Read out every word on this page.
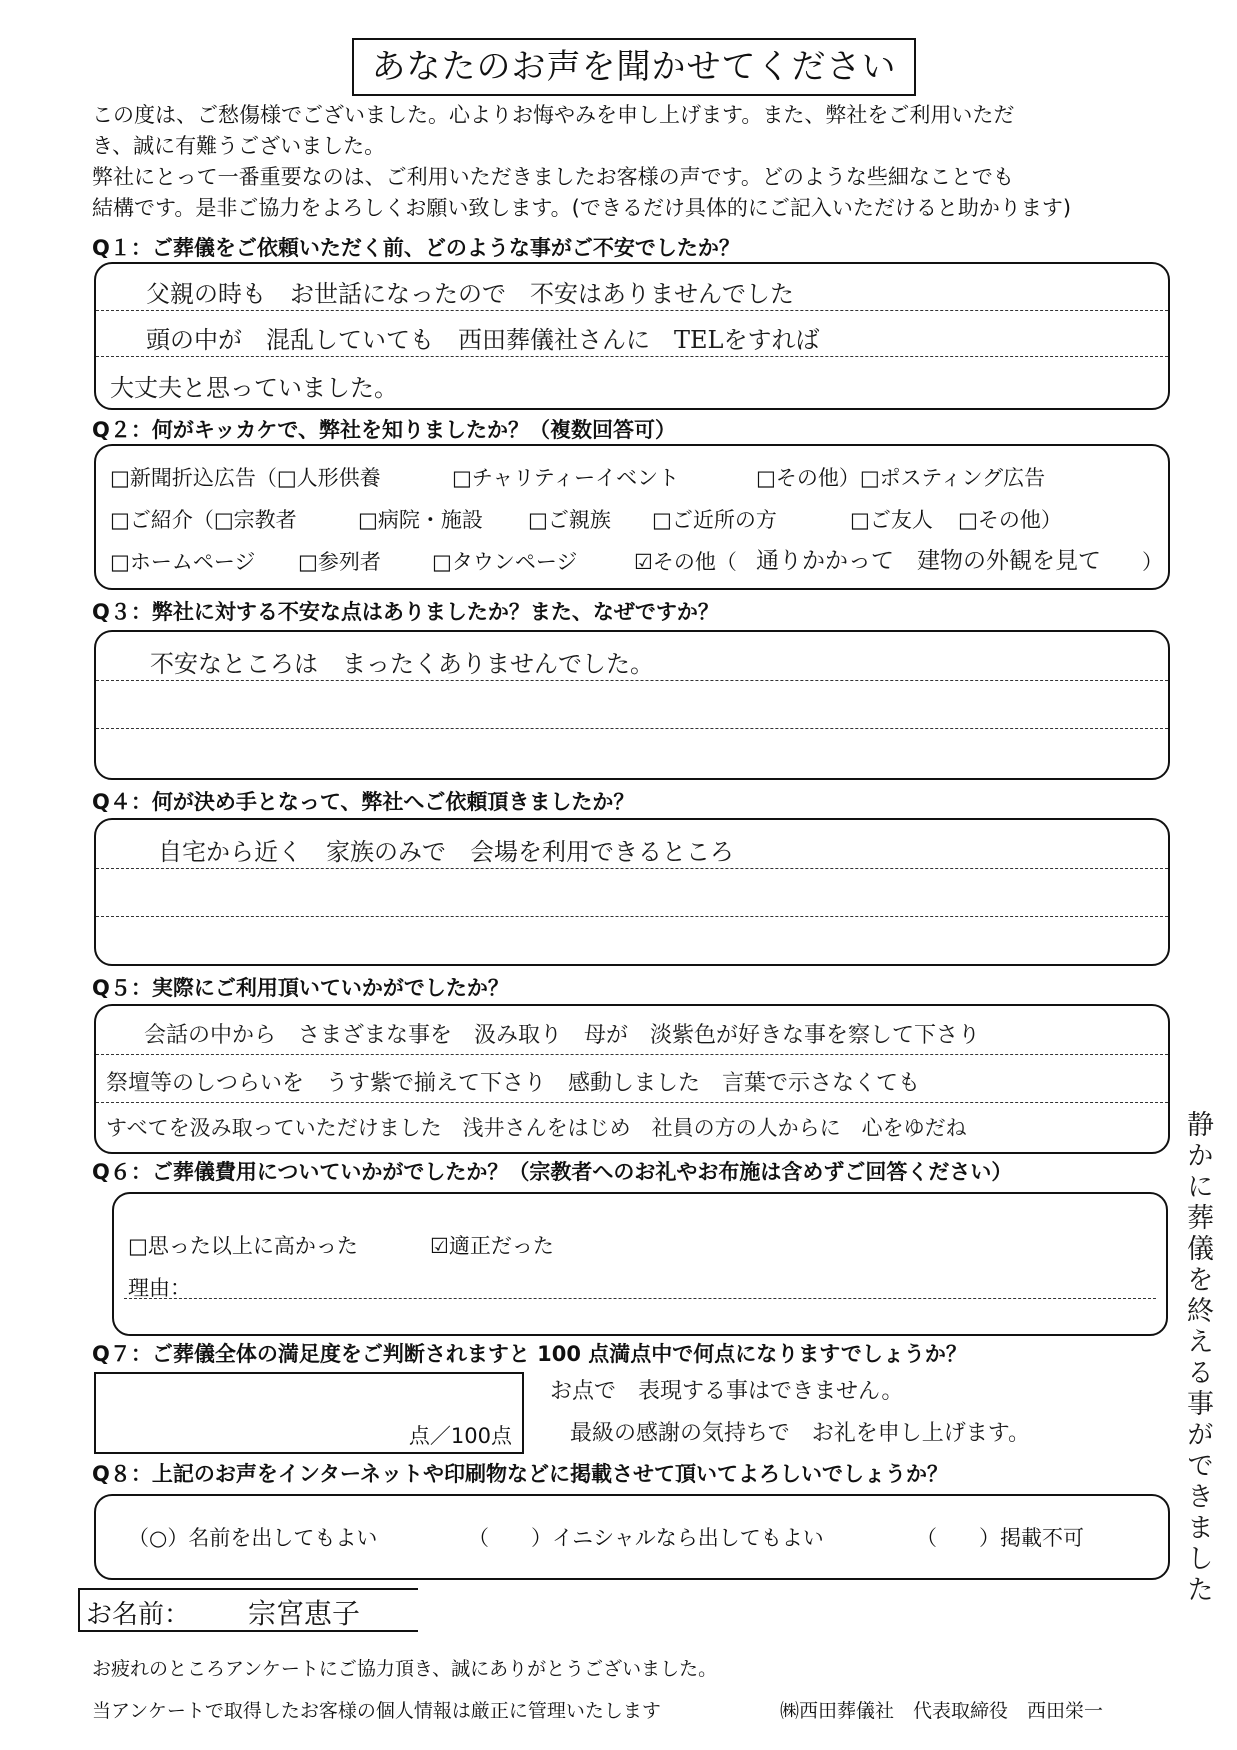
あなたのお声を聞かせてください
この度は、ご愁傷様でございました。心よりお悔やみを申し上げます。また、弊社をご利用いただ
き、誠に有難うございました。
弊社にとって一番重要なのは、ご利用いただきましたお客様の声です。どのような些細なことでも
結構です。是非ご協力をよろしくお願い致します。(できるだけ具体的にご記入いただけると助かります)
Q１：ご葬儀をご依頼いただく前、どのような事がご不安でしたか？
父親の時も　お世話になったので　不安はありませんでした
頭の中が　混乱していても　西田葬儀社さんに　TELをすれば
大丈夫と思っていました。
Q２：何がキッカケで、弊社を知りましたか？（複数回答可）
□新聞折込広告（□人形供養	□チャリティーイベント	□その他）□ポスティング広告
□ご紹介（□宗教者	□病院・施設 □ご親族 □ご近所の方	□ご友人 □その他）
□ホームページ □参列者 □タウンページ	☑その他（ 通りかかって　建物の外観を見て ）
Q３：弊社に対する不安な点はありましたか？また、なぜですか？
不安なところは　まったくありませんでした。
Q４：何が決め手となって、弊社へご依頼頂きましたか？
自宅から近く　家族のみで　会場を利用できるところ
Q５：実際にご利用頂いていかがでしたか？
会話の中から　さまざまな事を　汲み取り　母が　淡紫色が好きな事を察して下さり
祭壇等のしつらいを　うす紫で揃えて下さり　感動しました　言葉で示さなくても
すべてを汲み取っていただけました　浅井さんをはじめ　社員の方の人からに　心をゆだね	静かに葬儀を終える事ができました
Q６：ご葬儀費用についていかがでしたか？（宗教者へのお礼やお布施は含めずご回答ください）
□思った以上に高かった	☑適正だった
理由：
Q７：ご葬儀全体の満足度をご判断されますと 100 点満点中で何点になりますでしょうか？
点／100点
お点で　表現する事はできません。
最級の感謝の気持ちで　お礼を申し上げます。
Q８：上記のお声をインターネットや印刷物などに掲載させて頂いてよろしいでしょうか？
（○）名前を出してもよい	（　　）イニシャルなら出してもよい	（　　）掲載不可
お名前： 宗宮恵子
お疲れのところアンケートにご協力頂き、誠にありがとうございました。
当アンケートで取得したお客様の個人情報は厳正に管理いたします	㈱西田葬儀社　代表取締役　西田栄一
